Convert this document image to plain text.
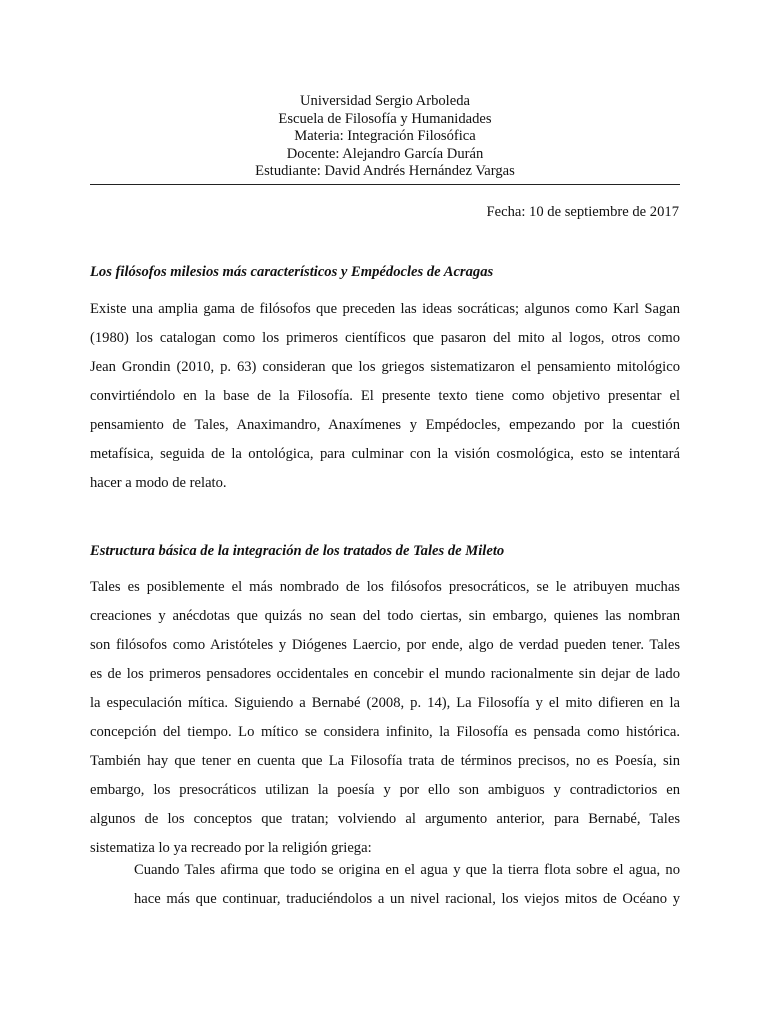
Universidad Sergio Arboleda
Escuela de Filosofía y Humanidades
Materia: Integración Filosófica
Docente: Alejandro García Durán
Estudiante: David Andrés Hernández Vargas
Fecha: 10 de septiembre de 2017
Los filósofos milesios más característicos y Empédocles de Acragas
Existe una amplia gama de filósofos que preceden las ideas socráticas; algunos como Karl Sagan
(1980) los catalogan como los primeros científicos que pasaron del mito al logos, otros como
Jean Grondin (2010, p. 63) consideran que los griegos sistematizaron el pensamiento mitológico
convirtiéndolo en la base de la Filosofía. El presente texto tiene como objetivo presentar el
pensamiento de Tales, Anaximandro, Anaxímenes y Empédocles, empezando por la cuestión
metafísica, seguida de la ontológica, para culminar con la visión cosmológica, esto se intentará
hacer a modo de relato.
Estructura básica de la integración de los tratados de Tales de Mileto
Tales es posiblemente el más nombrado de los filósofos presocráticos, se le atribuyen muchas
creaciones y anécdotas que quizás no sean del todo ciertas, sin embargo, quienes las nombran
son filósofos como Aristóteles y Diógenes Laercio, por ende, algo de verdad pueden tener. Tales
es de los primeros pensadores occidentales en concebir el mundo racionalmente sin dejar de lado
la especulación mítica. Siguiendo a Bernabé (2008, p. 14), La Filosofía y el mito difieren en la
concepción del tiempo. Lo mítico se considera infinito, la Filosofía es pensada como histórica.
También hay que tener en cuenta que La Filosofía trata de términos precisos, no es Poesía, sin
embargo, los presocráticos utilizan la poesía y por ello son ambiguos y contradictorios en
algunos de los conceptos que tratan; volviendo al argumento anterior, para Bernabé, Tales
sistematiza lo ya recreado por la religión griega:
Cuando Tales afirma que todo se origina en el agua y que la tierra flota sobre el agua, no
hace más que continuar, traduciéndolos a un nivel racional, los viejos mitos de Océano y
